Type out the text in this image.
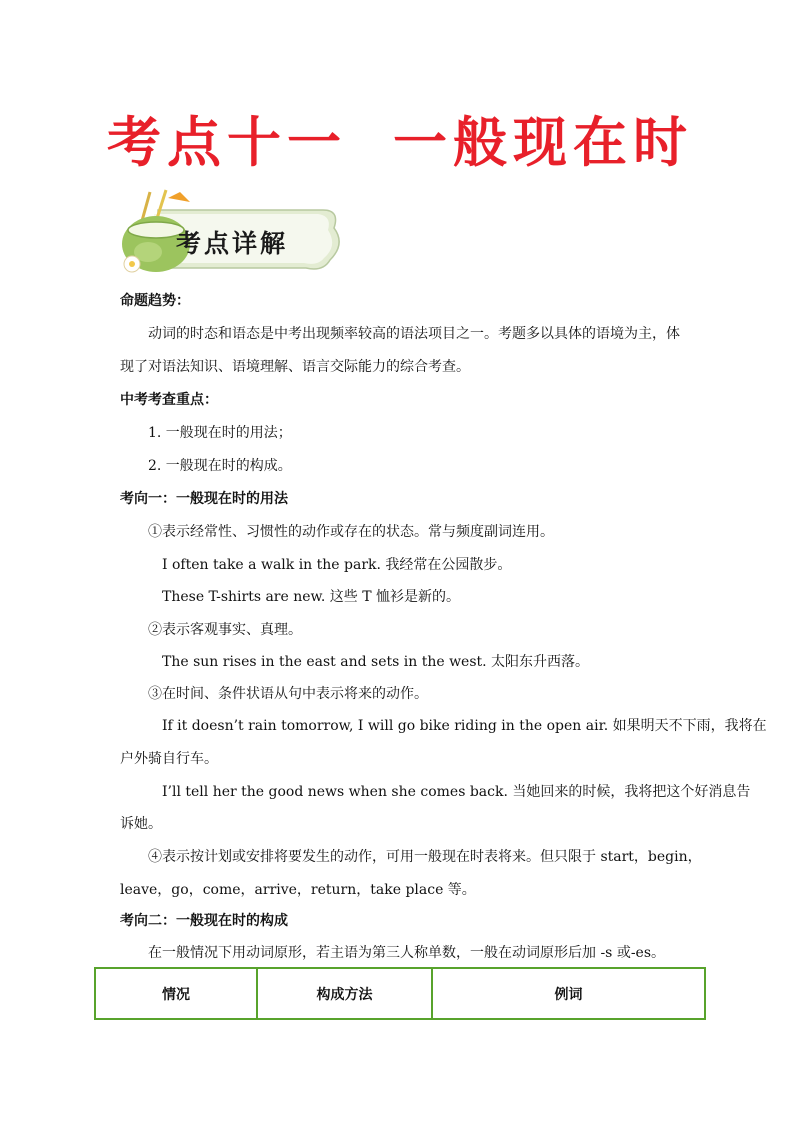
考点十一 一般现在时
考点详解
命题趋势：
动词的时态和语态是中考出现频率较高的语法项目之一。考题多以具体的语境为主，体
现了对语法知识、语境理解、语言交际能力的综合考查。
中考考查重点：
1. 一般现在时的用法；
2. 一般现在时的构成。
考向一：一般现在时的用法
①表示经常性、习惯性的动作或存在的状态。常与频度副词连用。
I often take a walk in the park. 我经常在公园散步。
These T-shirts are new. 这些 T 恤衫是新的。
②表示客观事实、真理。
The sun rises in the east and sets in the west. 太阳东升西落。
③在时间、条件状语从句中表示将来的动作。
If it doesn’t rain tomorrow, I will go bike riding in the open air. 如果明天不下雨，我将在
户外骑自行车。
I’ll tell her the good news when she comes back. 当她回来的时候，我将把这个好消息告
诉她。
④表示按计划或安排将要发生的动作，可用一般现在时表将来。但只限于 start，begin，
leave，go，come，arrive，return，take place 等。
考向二：一般现在时的构成
在一般情况下用动词原形，若主语为第三人称单数，一般在动词原形后加 -s 或-es。
情况	构成方法	例词
